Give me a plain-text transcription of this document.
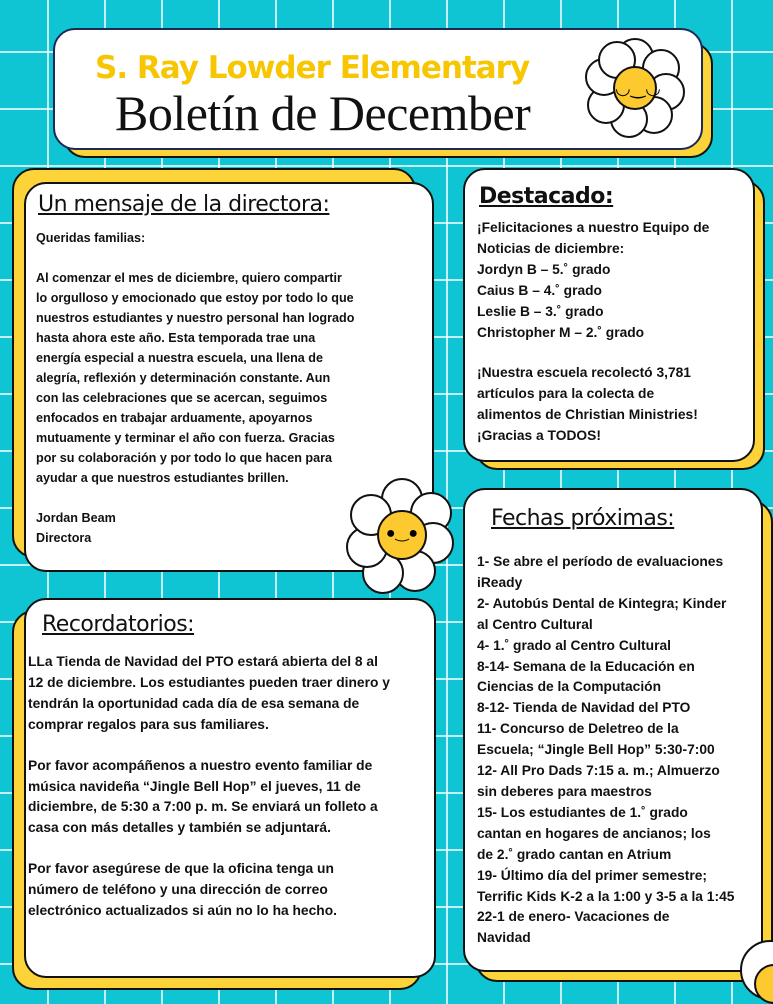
S. Ray Lowder Elementary
Boletín de December	◡‿◡
Un mensaje de la directora:
Queridas familias:
Al comenzar el mes de diciembre, quiero compartir
lo orgulloso y emocionado que estoy por todo lo que
nuestros estudiantes y nuestro personal han logrado
hasta ahora este año. Esta temporada trae una
energía especial a nuestra escuela, una llena de
alegría, reflexión y determinación constante. Aun
con las celebraciones que se acercan, seguimos
enfocados en trabajar arduamente, apoyarnos
mutuamente y terminar el año con fuerza. Gracias
por su colaboración y por todo lo que hacen para
ayudar a que nuestros estudiantes brillen.
Jordan Beam
Directora
Destacado:
¡Felicitaciones a nuestro Equipo de
Noticias de diciembre:
Jordyn B – 5.˚ grado
Caius B – 4.˚ grado
Leslie B – 3.˚ grado
Christopher M – 2.˚ grado
¡Nuestra escuela recolectó 3,781
artículos para la colecta de
alimentos de Christian Ministries!
¡Gracias a TODOS!
Fechas próximas:
1- Se abre el período de evaluaciones
iReady
2- Autobús Dental de Kintegra; Kinder
al Centro Cultural
4- 1.˚ grado al Centro Cultural
8-14- Semana de la Educación en
Ciencias de la Computación
8-12- Tienda de Navidad del PTO
11- Concurso de Deletreo de la
Escuela; “Jingle Bell Hop” 5:30-7:00
12- All Pro Dads 7:15 a. m.; Almuerzo
sin deberes para maestros
15- Los estudiantes de 1.˚ grado
cantan en hogares de ancianos; los
de 2.˚ grado cantan en Atrium
19- Último día del primer semestre;
Terrific Kids K-2 a la 1:00 y 3-5 a la 1:45
22-1 de enero- Vacaciones de
Navidad
Recordatorios:
LLa Tienda de Navidad del PTO estará abierta del 8 al
12 de diciembre. Los estudiantes pueden traer dinero y
tendrán la oportunidad cada día de esa semana de
comprar regalos para sus familiares.
Por favor acompáñenos a nuestro evento familiar de
música navideña “Jingle Bell Hop” el jueves, 11 de
diciembre, de 5:30 a 7:00 p. m. Se enviará un folleto a
casa con más detalles y también se adjuntará.
Por favor asegúrese de que la oficina tenga un
número de teléfono y una dirección de correo
electrónico actualizados si aún no lo ha hecho.
●‿●
